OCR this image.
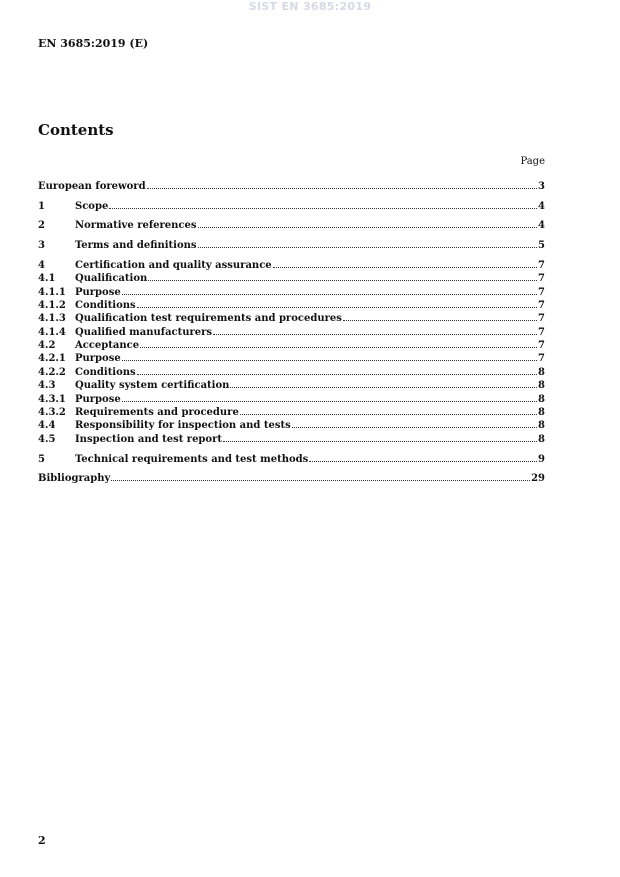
SIST EN 3685:2019
EN 3685:2019 (E)
Contents
Page
European foreword	3
1	Scope	4
2	Normative references	4
3	Terms and definitions	5
4	Certification and quality assurance	7
4.1	Qualification	7
4.1.1 Purpose	7
4.1.2 Conditions	7
4.1.3 Qualification test requirements and procedures	7
4.1.4 Qualified manufacturers	7
4.2	Acceptance	7
4.2.1 Purpose	7
4.2.2 Conditions	8
4.3	Quality system certification	8
4.3.1 Purpose	8
4.3.2 Requirements and procedure	8
4.4	Responsibility for inspection and tests	8
4.5	Inspection and test report	8
5	Technical requirements and test methods	9
Bibliography	29
2
